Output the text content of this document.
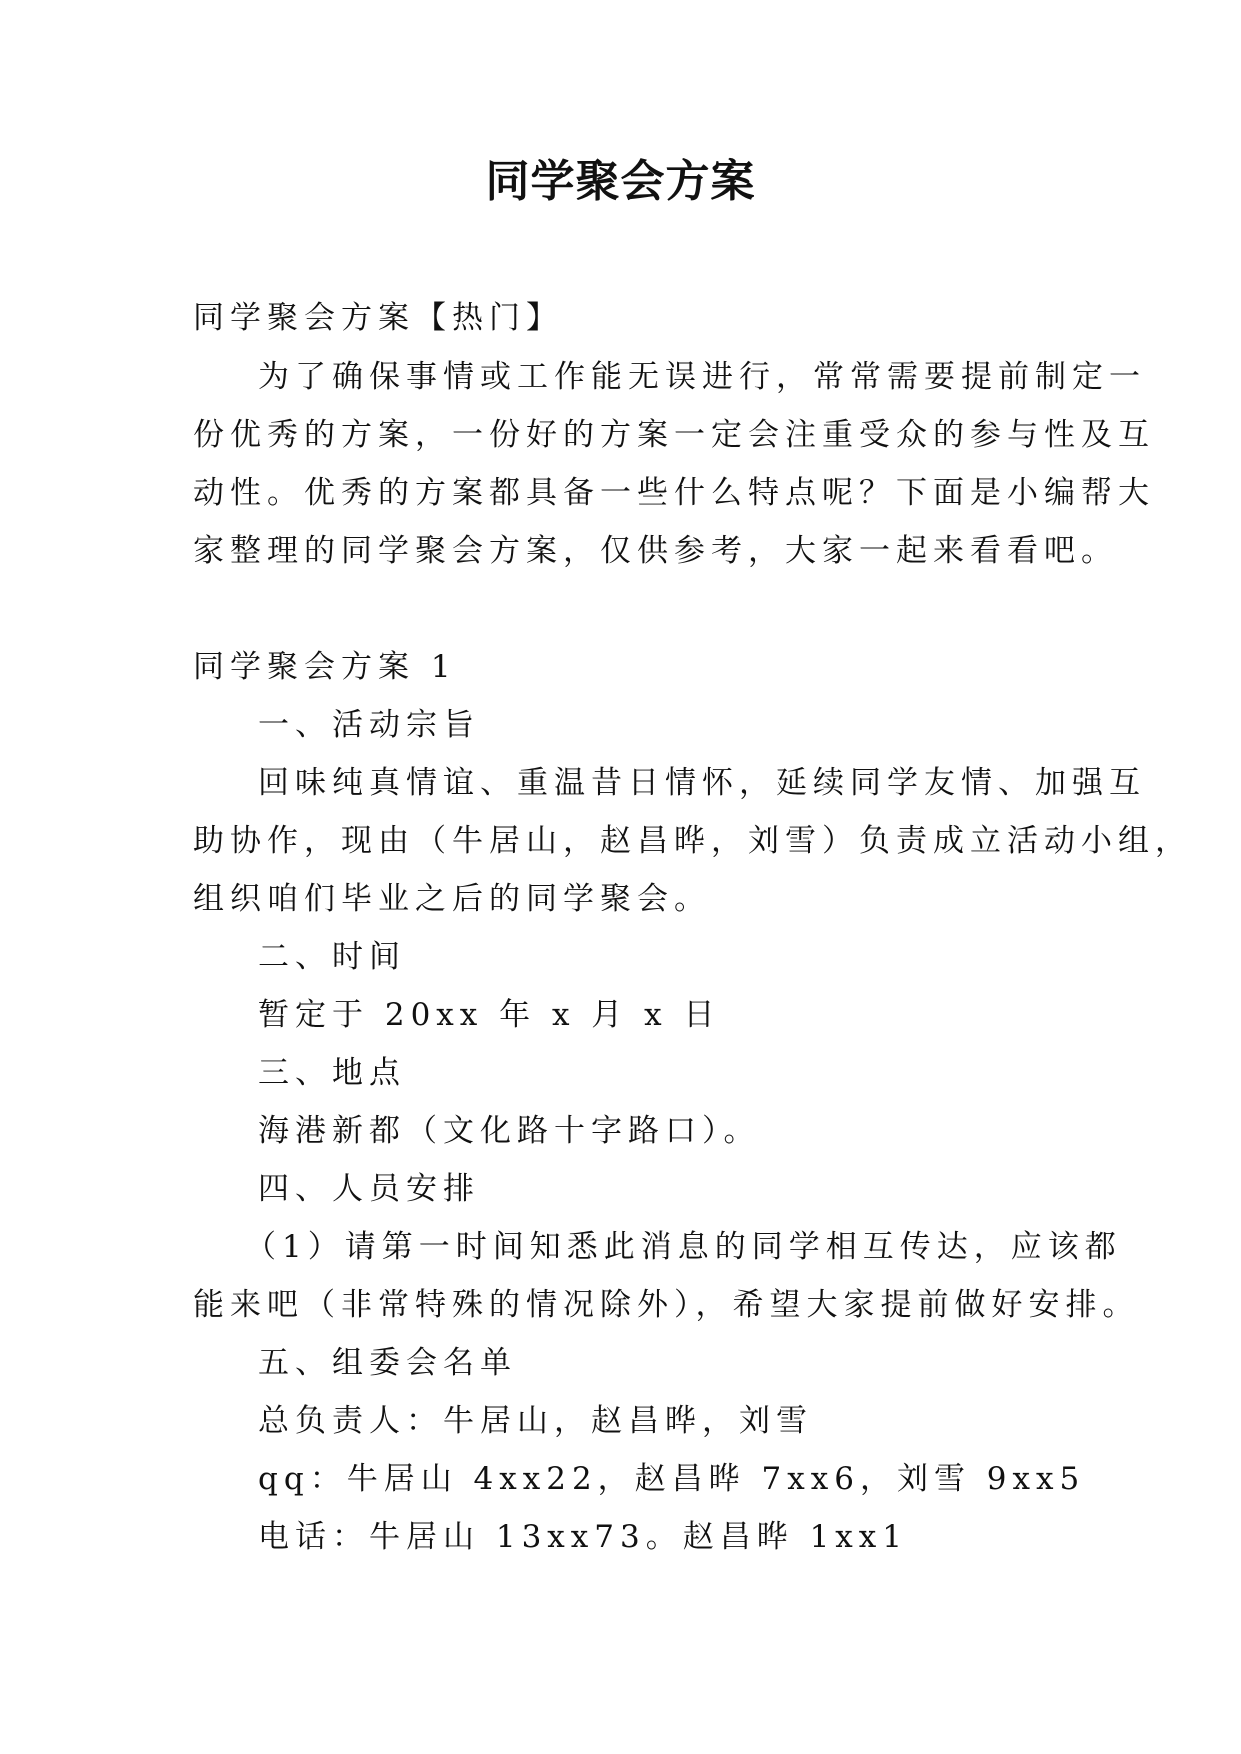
同学聚会方案
同学聚会方案【热门】
为了确保事情或工作能无误进行，常常需要提前制定一
份优秀的方案，一份好的方案一定会注重受众的参与性及互
动性。优秀的方案都具备一些什么特点呢？下面是小编帮大
家整理的同学聚会方案，仅供参考，大家一起来看看吧。
同学聚会方案 1
一、活动宗旨
回味纯真情谊、重温昔日情怀，延续同学友情、加强互
助协作，现由（牛居山，赵昌晔，刘雪）负责成立活动小组，
组织咱们毕业之后的同学聚会。
二、时间
暂定于 20xx 年 x 月 x 日
三、地点
海港新都（文化路十字路口）。
四、人员安排
（1）请第一时间知悉此消息的同学相互传达，应该都
能来吧（非常特殊的情况除外），希望大家提前做好安排。
五、组委会名单
总负责人：牛居山，赵昌晔，刘雪
qq：牛居山 4xx22，赵昌晔 7xx6，刘雪 9xx5
电话：牛居山 13xx73。赵昌晔 1xx1
